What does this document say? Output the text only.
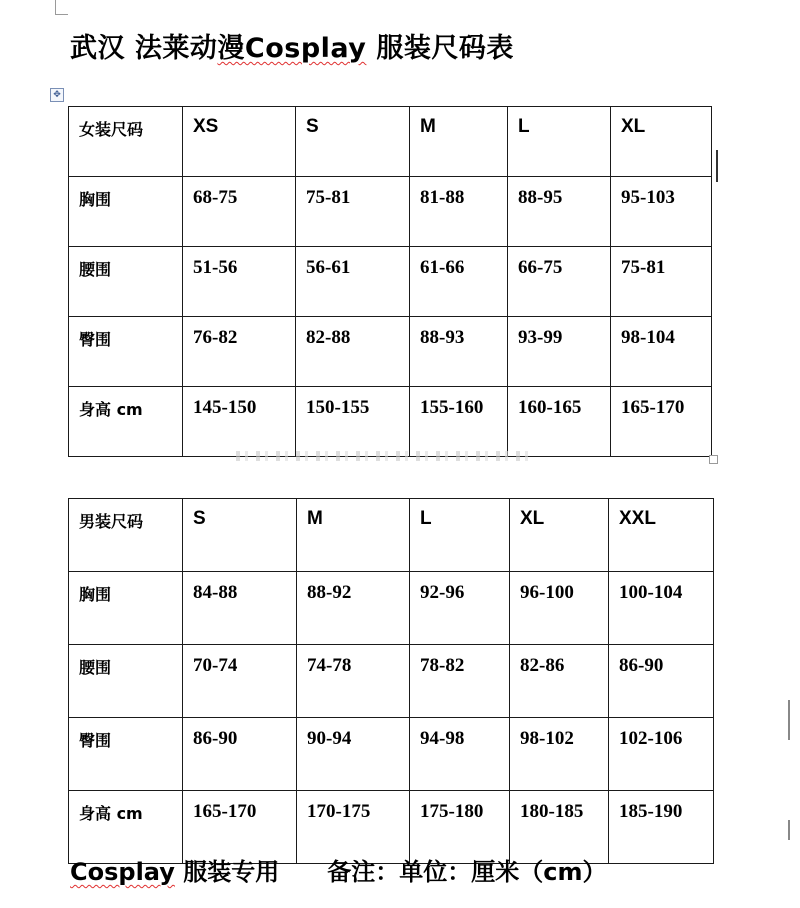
武汉 法莱动漫Cosplay 服装尺码表
✥
女装尺码	XS	S	M	L	XL
胸围	68-75	75-81	81-88	88-95	95-103
腰围	51-56	56-61	61-66	66-75	75-81
臀围	76-82	82-88	88-93	93-99	98-104
身高 cm	145-150	150-155	155-160	160-165	165-170
男装尺码	S	M	L	XL	XXL
胸围	84-88	88-92	92-96	96-100	100-104
腰围	70-74	74-78	78-82	82-86	86-90
臀围	86-90	90-94	94-98	98-102	102-106
身高 cm	165-170	170-175	175-180	180-185	185-190
Cosplay 服装专用 备注：单位：厘米（cm）
